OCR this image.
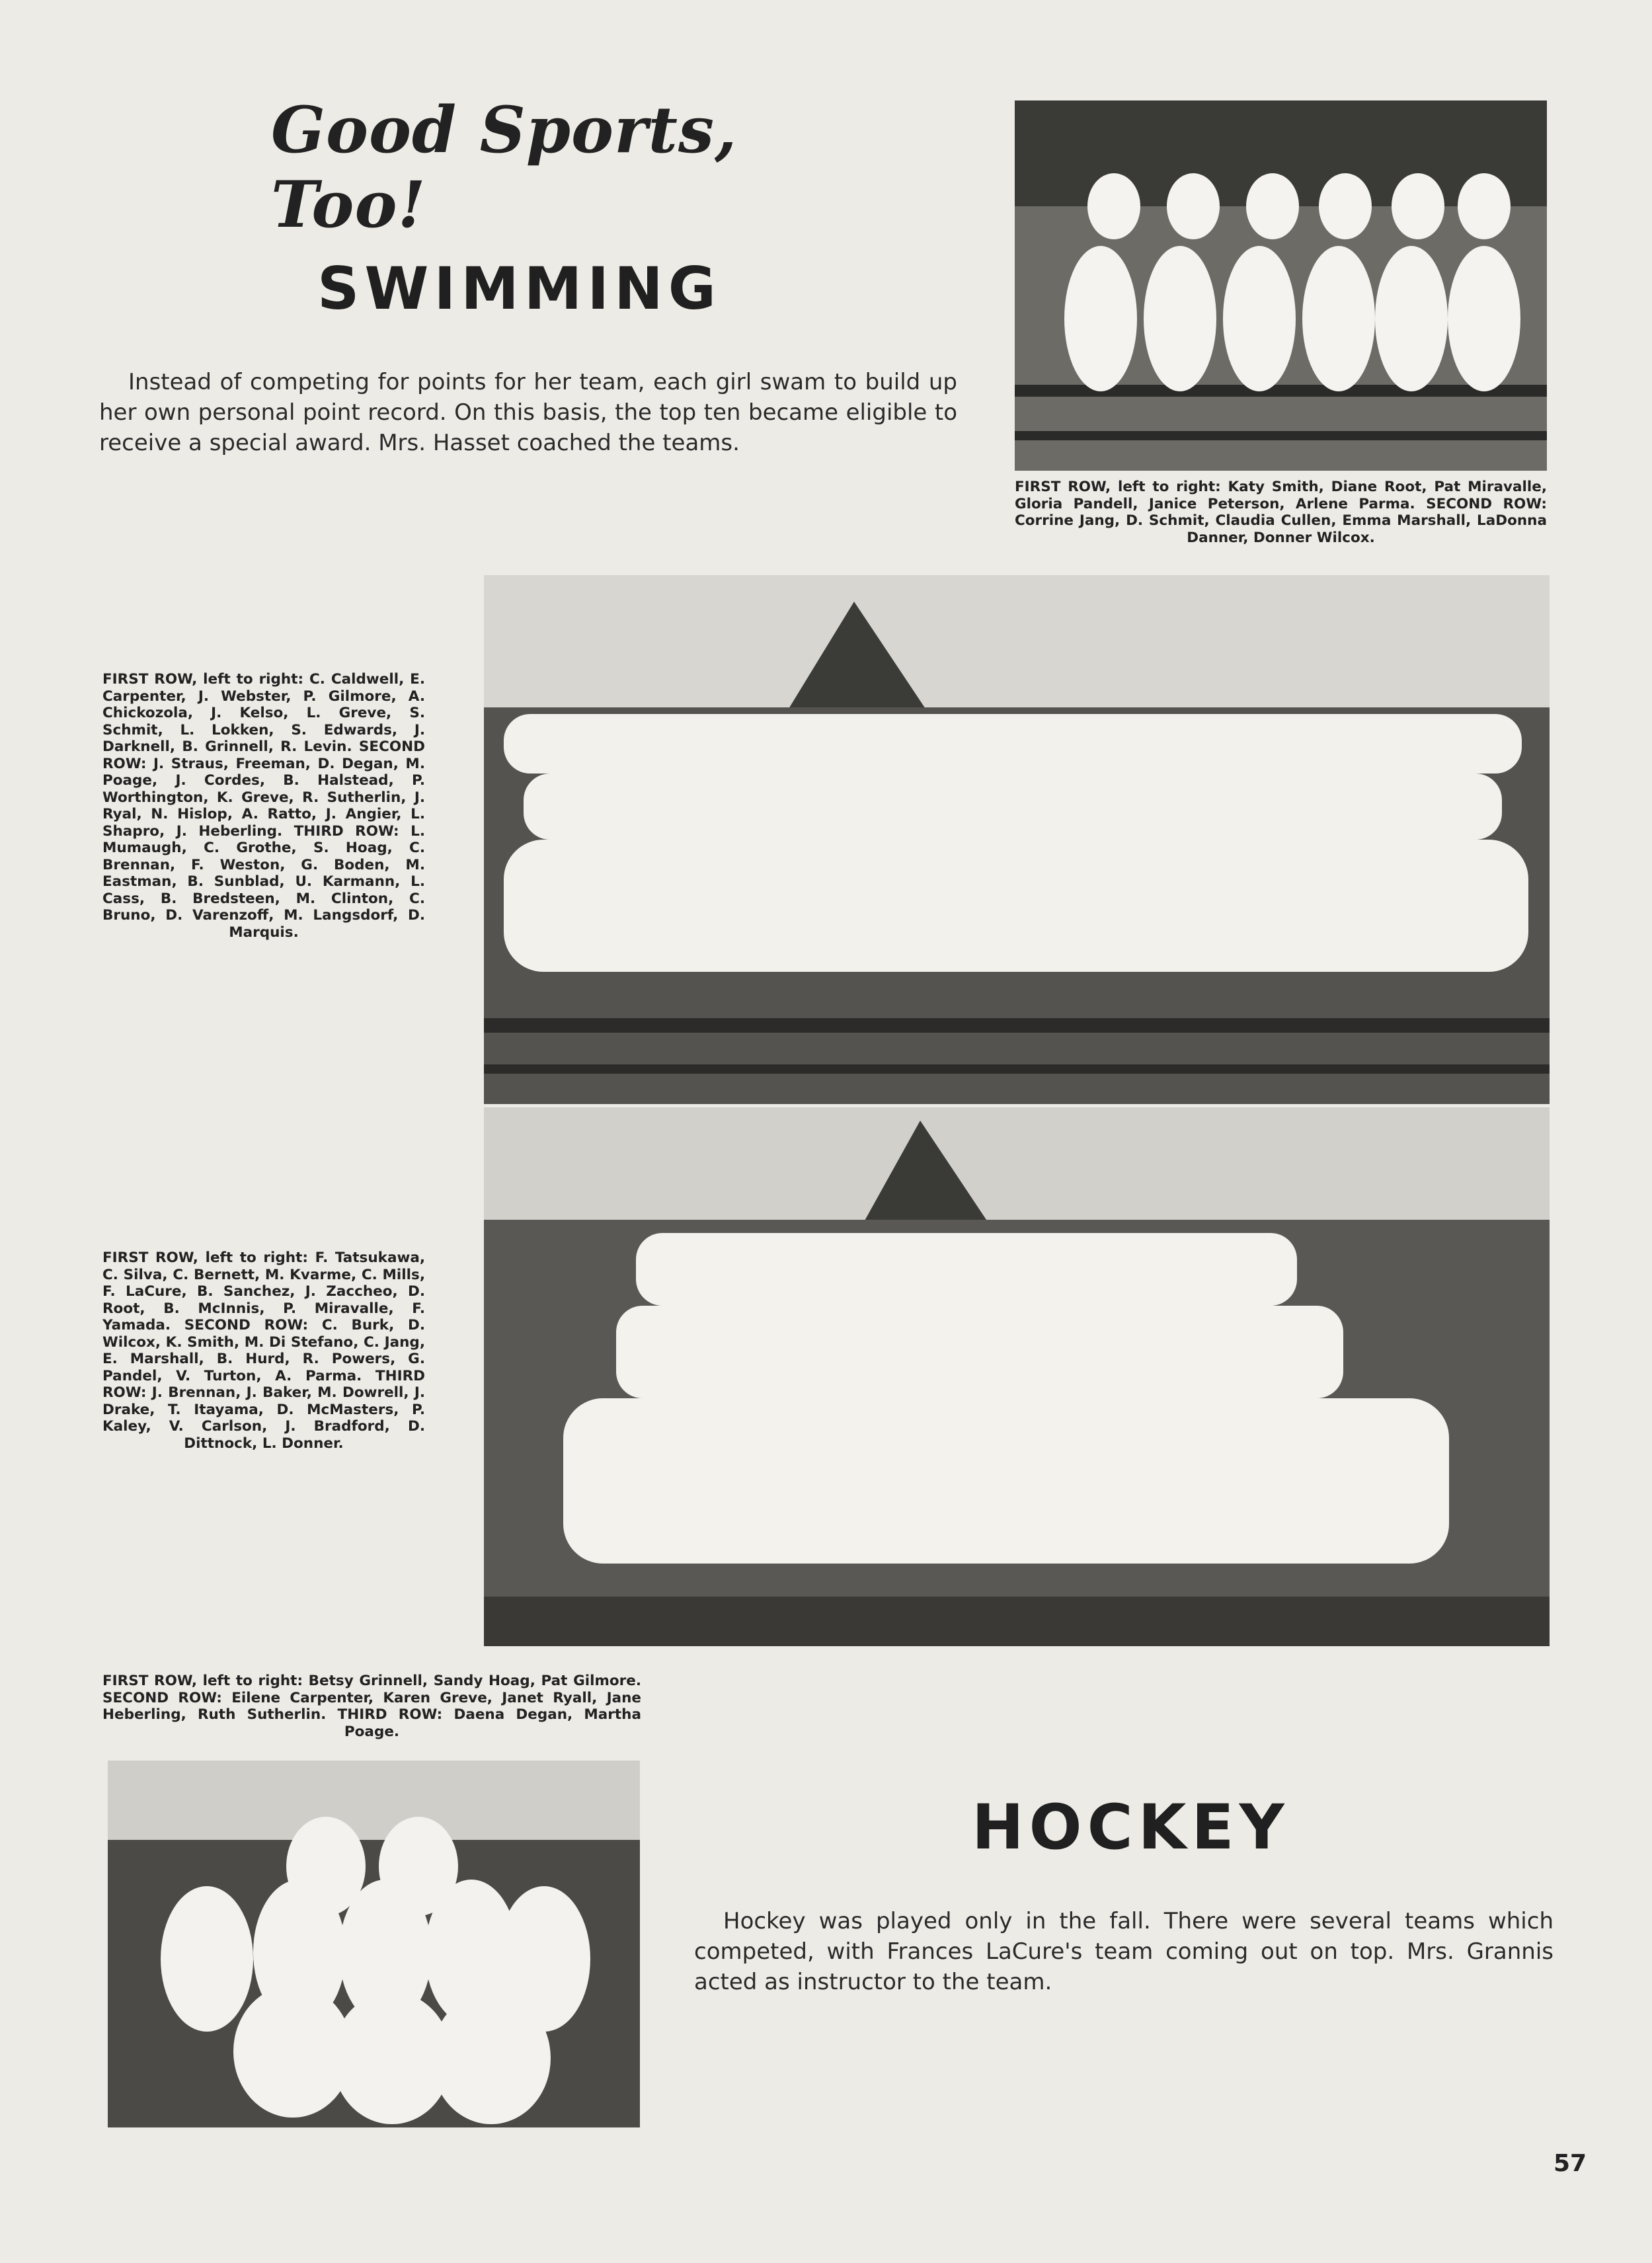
Good Sports, Too!
SWIMMING
Instead of competing for points for her team, each girl swam to build up her own personal point record. On this basis, the top ten became eligible to receive a special award. Mrs. Hasset coached the teams.
FIRST ROW, left to right: Katy Smith, Diane Root, Pat Miravalle, Gloria Pandell, Janice Peterson, Arlene Parma. SECOND ROW: Corrine Jang, D. Schmit, Claudia Cullen, Emma Marshall, LaDonna Danner, Donner Wilcox.
FIRST ROW, left to right: C. Caldwell, E. Carpenter, J. Webster, P. Gilmore, A. Chickozola, J. Kelso, L. Greve, S. Schmit, L. Lokken, S. Edwards, J. Darknell, B. Grinnell, R. Levin. SECOND ROW: J. Straus, Freeman, D. Degan, M. Poage, J. Cordes, B. Halstead, P. Worthington, K. Greve, R. Sutherlin, J. Ryal, N. Hislop, A. Ratto, J. Angier, L. Shapro, J. Heberling. THIRD ROW: L. Mumaugh, C. Grothe, S. Hoag, C. Brennan, F. Weston, G. Boden, M. Eastman, B. Sunblad, U. Karmann, L. Cass, B. Bredsteen, M. Clinton, C. Bruno, D. Varenzoff, M. Langsdorf, D. Marquis.
FIRST ROW, left to right: F. Tatsukawa, C. Silva, C. Bernett, M. Kvarme, C. Mills, F. LaCure, B. Sanchez, J. Zaccheo, D. Root, B. McInnis, P. Miravalle, F. Yamada. SECOND ROW: C. Burk, D. Wilcox, K. Smith, M. Di Stefano, C. Jang, E. Marshall, B. Hurd, R. Powers, G. Pandel, V. Turton, A. Parma. THIRD ROW: J. Brennan, J. Baker, M. Dowrell, J. Drake, T. Itayama, D. McMasters, P. Kaley, V. Carlson, J. Bradford, D. Dittnock, L. Donner.
FIRST ROW, left to right: Betsy Grinnell, Sandy Hoag, Pat Gilmore. SECOND ROW: Eilene Carpenter, Karen Greve, Janet Ryall, Jane Heberling, Ruth Sutherlin. THIRD ROW: Daena Degan, Martha Poage.
HOCKEY
Hockey was played only in the fall. There were several teams which competed, with Frances LaCure's team coming out on top. Mrs. Grannis acted as instructor to the team.
57
